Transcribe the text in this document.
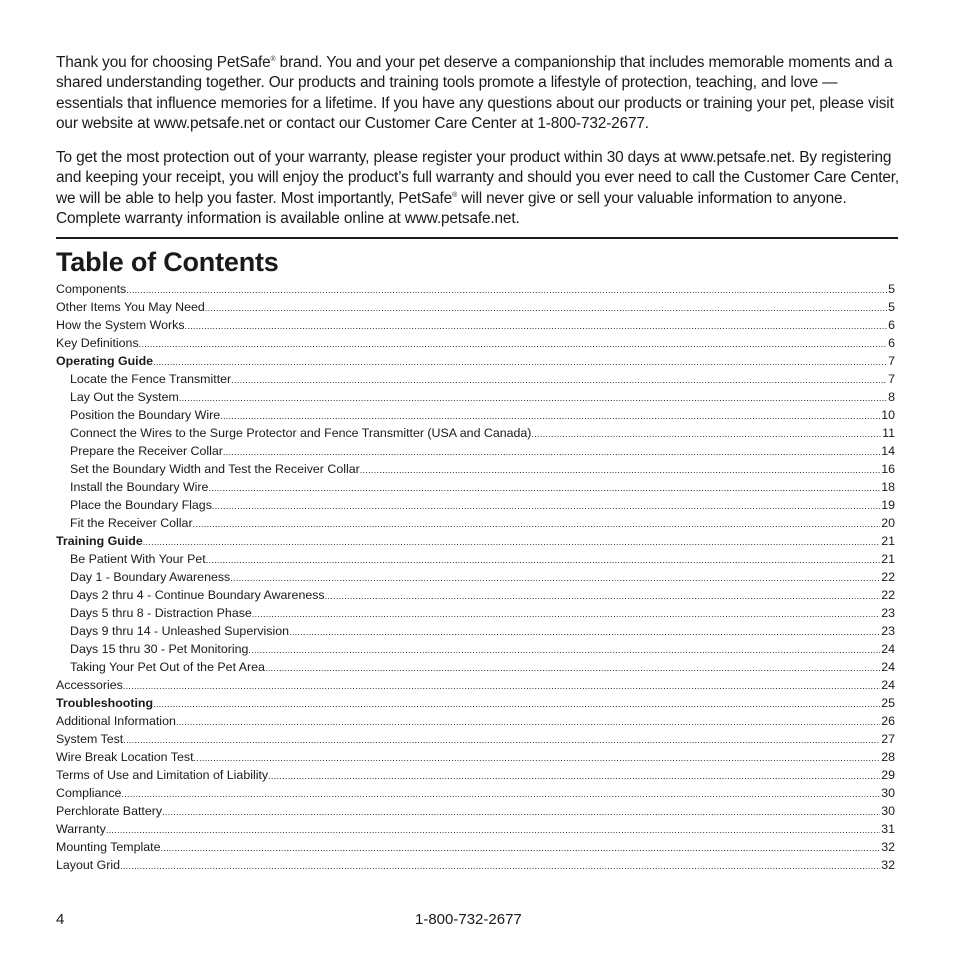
Thank you for choosing PetSafe® brand. You and your pet deserve a companionship that includes memorable moments and a shared understanding together. Our products and training tools promote a lifestyle of protection, teaching, and love — essentials that influence memories for a lifetime. If you have any questions about our products or training your pet, please visit our website at www.petsafe.net or contact our Customer Care Center at 1-800-732-2677.

To get the most protection out of your warranty, please register your product within 30 days at www.petsafe.net. By registering and keeping your receipt, you will enjoy the product’s full warranty and should you ever need to call the Customer Care Center, we will be able to help you faster. Most importantly, PetSafe® will never give or sell your valuable information to anyone. Complete warranty information is available online at www.petsafe.net.

Table of Contents
Components .....	5
Other Items You May Need .....	5
How the System Works .....	6
Key Definitions .....	6
Operating Guide .....	7
Locate the Fence Transmitter .....	7
Lay Out the System .....	8
Position the Boundary Wire .....	10
Connect the Wires to the Surge Protector and Fence Transmitter (USA and Canada) .....	11
Prepare the Receiver Collar .....	14
Set the Boundary Width and Test the Receiver Collar .....	16
Install the Boundary Wire .....	18
Place the Boundary Flags .....	19
Fit the Receiver Collar .....	20
Training Guide .....	21
Be Patient With Your Pet .....	21
Day 1 - Boundary Awareness .....	22
Days 2 thru 4 - Continue Boundary Awareness .....	22
Days 5 thru 8 - Distraction Phase .....	23
Days 9 thru 14 - Unleashed Supervision .....	23
Days 15 thru 30 - Pet Monitoring .....	24
Taking Your Pet Out of the Pet Area .....	24
Accessories .....	24
Troubleshooting .....	25
Additional Information .....	26
System Test .....	27
Wire Break Location Test .....	28
Terms of Use and Limitation of Liability .....	29
Compliance .....	30
Perchlorate Battery .....	30
Warranty .....	31
Mounting Template .....	32
Layout Grid .....	32
4	1-800-732-2677
